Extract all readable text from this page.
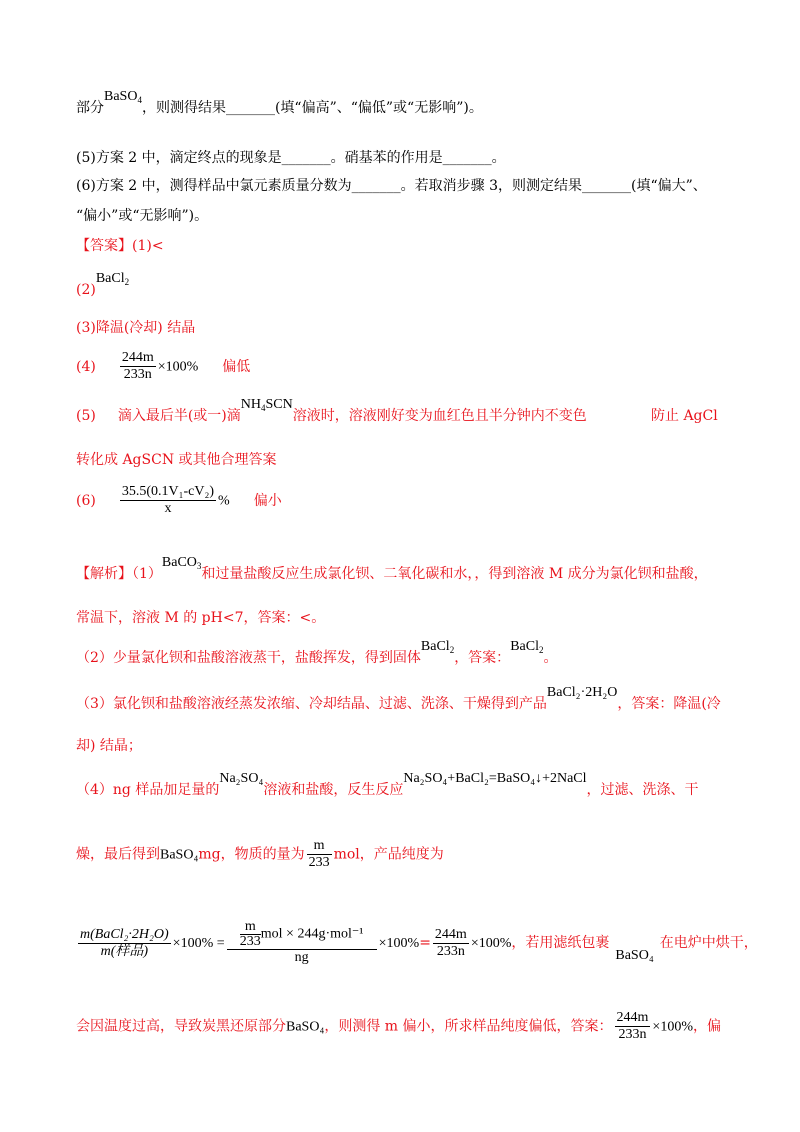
部分BaSO$_4$，则测得结果_______(填“偏高”、“偏低”或“无影响”)。
(5)方案 2 中，滴定终点的现象是_______。硝基苯的作用是_______。
(6)方案 2 中，测得样品中氯元素质量分数为_______。若取消步骤 3，则测定结果_______(填“偏大”、
“偏小”或“无影响”)。
【答案】(1)<
(2)BaCl$_2$
(3)降温(冷却) 结晶
$(4) \frac{244m}{233n} \times 100\%$ 偏低
(5) 滴入最后半(或一)滴$NH_4SCN$溶液时，溶液刚好变为血红色且半分钟内不变色	防止 AgCl
转化成 AgSCN 或其他合理答案
$(6) \frac{\text{35.5(0.1V₁-cV₂)}}{x}$ % 偏小
【解析】（1）BaCO$_3$和过量盐酸反应生成氯化钡、二氧化碳和水，，得到溶液 M 成分为氯化钡和盐酸，
常温下，溶液 M 的 pH<7，答案：<。
（2）少量氯化钡和盐酸溶液蒸干，盐酸挥发，得到固体BaCl$_2$，答案：BaCl$_2$。
（3）氯化钡和盐酸溶液经蒸发浓缩、冷却结晶、过滤、洗涤、干燥得到产品BaCl₂·2H₂O，答案：降温(冷
却) 结晶；
（4）ng 样品加足量的Na₂SO₄溶液和盐酸，反生反应Na₂SO₄+BaCl₂=BaSO₄↓+2NaCl，过滤、洗涤、干
燥，最后得到BaSO₄mg，物质的量为 $\frac{m}{233}$ mol，产品纯度为
$\frac{\text{m(BaCl₂·2H₂O)}}{\text{m(样品)}} \times 100\% = \frac{\frac{m}{233} mol \times 244g\cdot mol^{-1}}{ng} \times 100\%= \frac{244m}{233n} \times 100\%$，若用滤纸包裹BaSO₄在电炉中烘干，
会因温度过高，导致炭黑还原部分BaSO₄，则测得 m 偏小，所求样品纯度偏低，答案： $\frac{244m}{233n} \times 100\%$，偏
